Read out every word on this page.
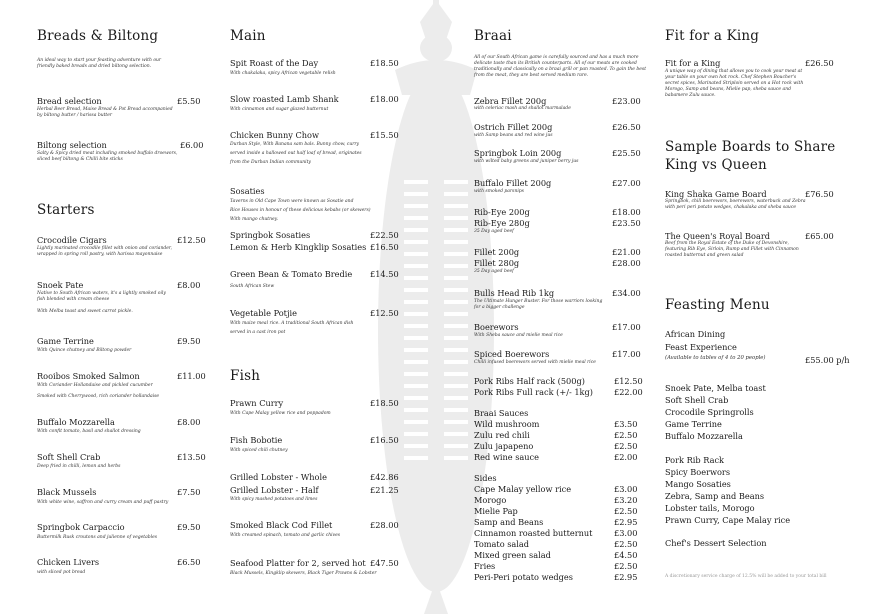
Breads & Biltong
An ideal way to start your feasting adventure with our
friendly baked breads and dried biltong selection.
Bread selection	£5.50
Herbal Beer Bread, Maise Bread & Pot Bread accompanied
by biltong butter / harissa butter
Biltong selection	£6.00
Salty & Spicy dried meat including smoked buffalo droewors,
sliced beef biltong & Chilli bite sticks
Starters
Crocodile Cigars	£12.50
Lightly marinated crocodile fillet with onion and coriander,
wrapped in spring roll pastry, with harissa mayonnaise
Snoek Pate	£8.00
Native to South African waters, it's a lightly smoked oily
fish blended with cream cheese
With Melba toast and sweet carrot pickle.
Game Terrine	£9.50
With Quince chutney and Biltong powder
Rooibos Smoked Salmon	£11.00
With Coriander Hollandaise and pickled cucumber
Smoked with Cherrywood, rich coriander hollandaise
Buffalo Mozzarella	£8.00
With confit tomato, basil and shallot dressing
Soft Shell Crab	£13.50
Deep fried in chilli, lemon and herbs
Black Mussels	£7.50
With white wine, saffron and curry cream and puff pastry
Springbok Carpaccio	£9.50
Buttermilk Rusk croutons and julienne of vegetables
Chicken Livers	£6.50
with sliced pot bread
Main
Spit Roast of the Day	£18.50
With chakalaka, spicy African vegetable relish
Slow roasted Lamb Shank	£18.00
With cinnamon and sugar glazed butternut
Chicken Bunny Chow	£15.50
Durban Style, With Banana sam bals. Bunny chow, curry
served inside a hallowed out half loaf of bread, originates
from the Durban Indian community
Sosaties
Taverns in Old Cape Town were known as Sosatie and
Rice Houses in honour of these delicious kebabs (or skewers)
With mango chutney.
Springbok Sosaties	£22.50
Lemon & Herb Kingklip Sosaties £16.50
Green Bean & Tomato Bredie £14.50
South African Stew
Vegetable Potjie	£12.50
With maize meal rice. A traditional South African dish
served in a cast iron pot
Fish
Prawn Curry	£18.50
With Cape Malay yellow rice and poppadom
Fish Bobotie	£16.50
With spiced chili chutney
Grilled Lobster - Whole	£42.86
Grilled Lobster - Half	£21.25
With spicy mashed potatoes and limes
Smoked Black Cod Fillet	£28.00
With creamed spinach, tomato and garlic chives
Seafood Platter for 2, served hot £47.50
Black Mussels, Kingklip skewers, Black Tiger Prawns & Lobster
Braai
All of our South African game is carefully sourced and has a much more
delicate taste than its British counterparts. All of our meats are cooked
traditionally and classically on a braai grill or pan roasted. To gain the best
from the meat, they are best served medium rare.
Zebra Fillet 200g	£23.00
with celeriac mash and shallot marmalade
Ostrich Fillet 200g	£26.50
with Samp beans and red wine jus
Springbok Loin 200g	£25.50
with wilted baby greens and juniper berry jus
Buffalo Fillet 200g	£27.00
with smoked parsnips
Rib-Eye 200g	£18.00
Rib-Eye 280g	£23.50
35 Day aged beef
Fillet 200g	£21.00
Fillet 280g	£28.00
35 Day aged beef
Bulls Head Rib 1kg	£34.00
The Ultimate Hunger Buster. For those warriors looking
for a bigger challenge
Boerewors	£17.00
With Sheba sauce and mielie meal rice
Spiced Boerewors	£17.00
Chilli infused boerewors served with mielie meal rice
Pork Ribs Half rack (500g)	£12.50
Pork Ribs Full rack (+/- 1kg)	£22.00
Braai Sauces
Wild mushroom	£3.50
Zulu red chili	£2.50
Zulu japapeno	£2.50
Red wine sauce	£2.00
Sides
Cape Malay yellow rice	£3.00
Morogo	£3.20
Mielie Pap	£2.50
Samp and Beans	£2.95
Cinnamon roasted butternut	£3.00
Tomato salad	£2.50
Mixed green salad	£4.50
Fries	£2.50
Peri-Peri potato wedges	£2.95
Fit for a King
Fit for a King	£26.50
A unique way of dining that allows you to cook your meat at
your table on your own hot rock. Chef Stephen Boucher's
secret spices, Marinated Striploin served on a Hot rock with
Morogo, Samp and beans, Mielie pap, sheba sauce and
babamere Zulu sauce.
Sample Boards to Share
King vs Queen
King Shaka Game Board	£76.50
Springbok, chili boerewors, boerewors, waterbuck and Zebra
with peri peri potato wedges, chakalaka and sheba sauce
The Queen's Royal Board	£65.00
Beef from the Royal Estate of the Duke of Devonshire,
featuring Rib Eye, Sirloin, Rump and Fillet with Cinnamon
roasted butternut and green salad
Feasting Menu
African Dining
Feast Experience
(Available to tables of 4 to 20 people)	£55.00 p/h
Snoek Pate, Melba toast
Soft Shell Crab
Crocodile Springrolls
Game Terrine
Buffalo Mozzarella
Pork Rib Rack
Spicy Boerwors
Mango Sosaties
Zebra, Samp and Beans
Lobster tails, Morogo
Prawn Curry, Cape Malay rice
Chef's Dessert Selection
A discretionary service charge of 12.5% will be added to your total bill
